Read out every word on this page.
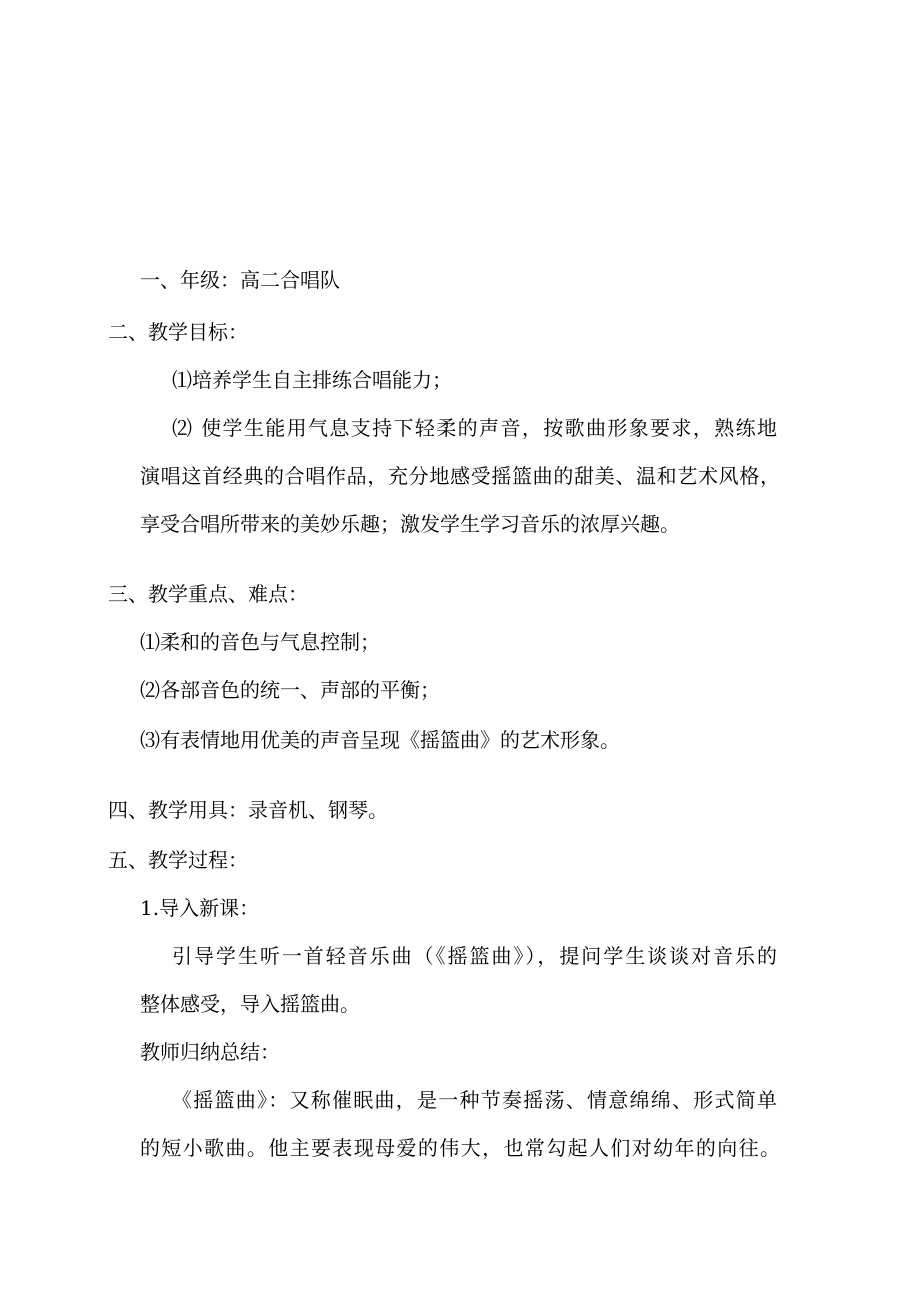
一、年级：高二合唱队

二、教学目标：

⑴培养学生自主排练合唱能力；

⑵ 使学生能用气息支持下轻柔的声音，按歌曲形象要求，熟练地

演唱这首经典的合唱作品，充分地感受摇篮曲的甜美、温和艺术风格，

享受合唱所带来的美妙乐趣；激发学生学习音乐的浓厚兴趣。

三、教学重点、难点：

⑴柔和的音色与气息控制；

⑵各部音色的统一、声部的平衡；

⑶有表情地用优美的声音呈现《摇篮曲》的艺术形象。

四、教学用具：录音机、钢琴。

五、教学过程：

1.导入新课：

引导学生听一首轻音乐曲（《摇篮曲》），提问学生谈谈对音乐的

整体感受，导入摇篮曲。

教师归纳总结：

《摇篮曲》：又称催眠曲，是一种节奏摇荡、情意绵绵、形式简单

的短小歌曲。他主要表现母爱的伟大，也常勾起人们对幼年的向往。
